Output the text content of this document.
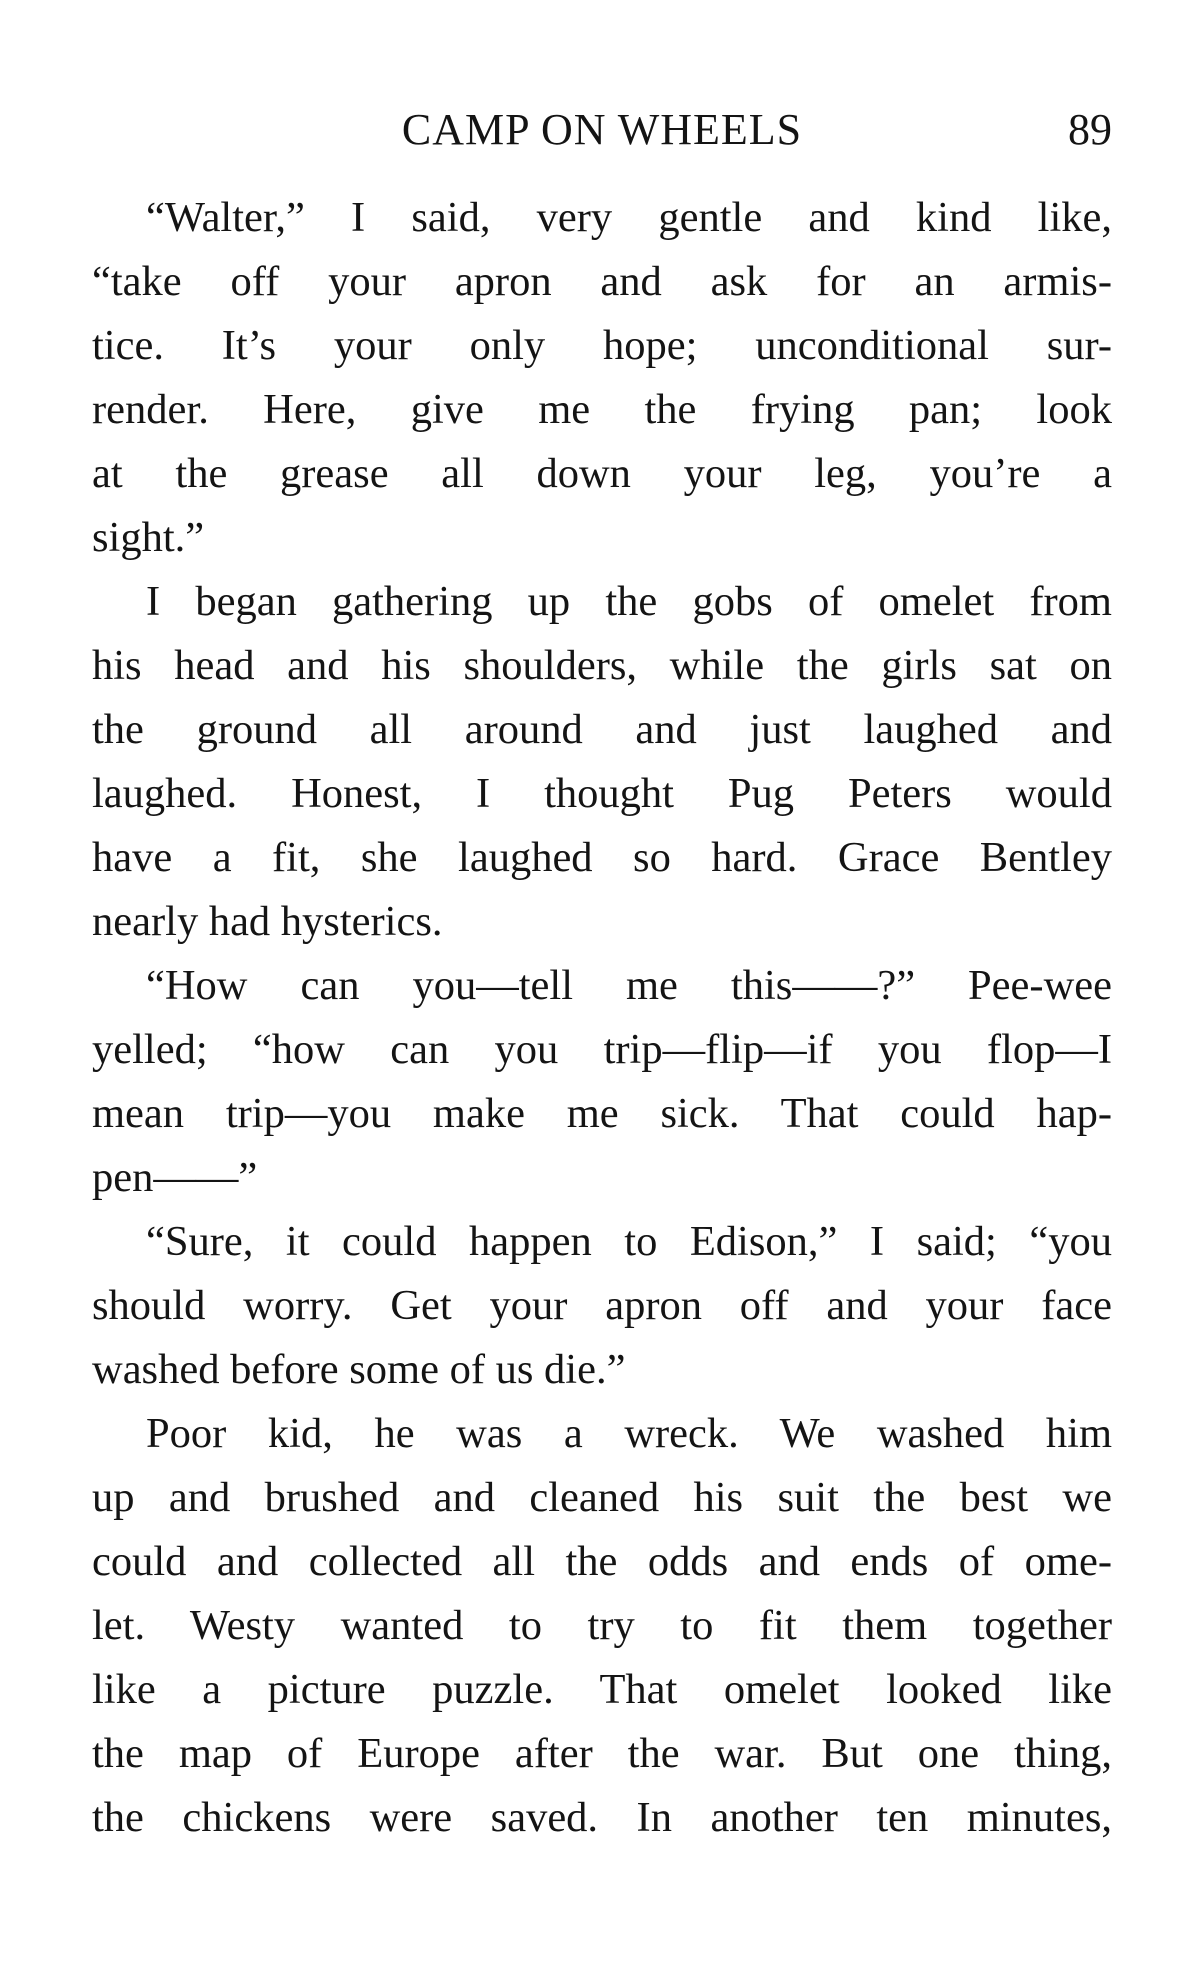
CAMP ON WHEELS	89

“Walter,” I said, very gentle and kind like,
“take off your apron and ask for an armis-
tice. It’s your only hope; unconditional sur-
render. Here, give me the frying pan; look
at the grease all down your leg, you’re a
sight.”

I began gathering up the gobs of omelet from
his head and his shoulders, while the girls sat on
the ground all around and just laughed and
laughed. Honest, I thought Pug Peters would
have a fit, she laughed so hard. Grace Bentley
nearly had hysterics.

“How can you—tell me this——?” Pee-wee
yelled; “how can you trip—flip—if you flop—I
mean trip—you make me sick. That could hap-
pen——”

“Sure, it could happen to Edison,” I said; “you
should worry. Get your apron off and your face
washed before some of us die.”

Poor kid, he was a wreck. We washed him
up and brushed and cleaned his suit the best we
could and collected all the odds and ends of ome-
let. Westy wanted to try to fit them together
like a picture puzzle. That omelet looked like
the map of Europe after the war. But one thing,
the chickens were saved. In another ten minutes,
